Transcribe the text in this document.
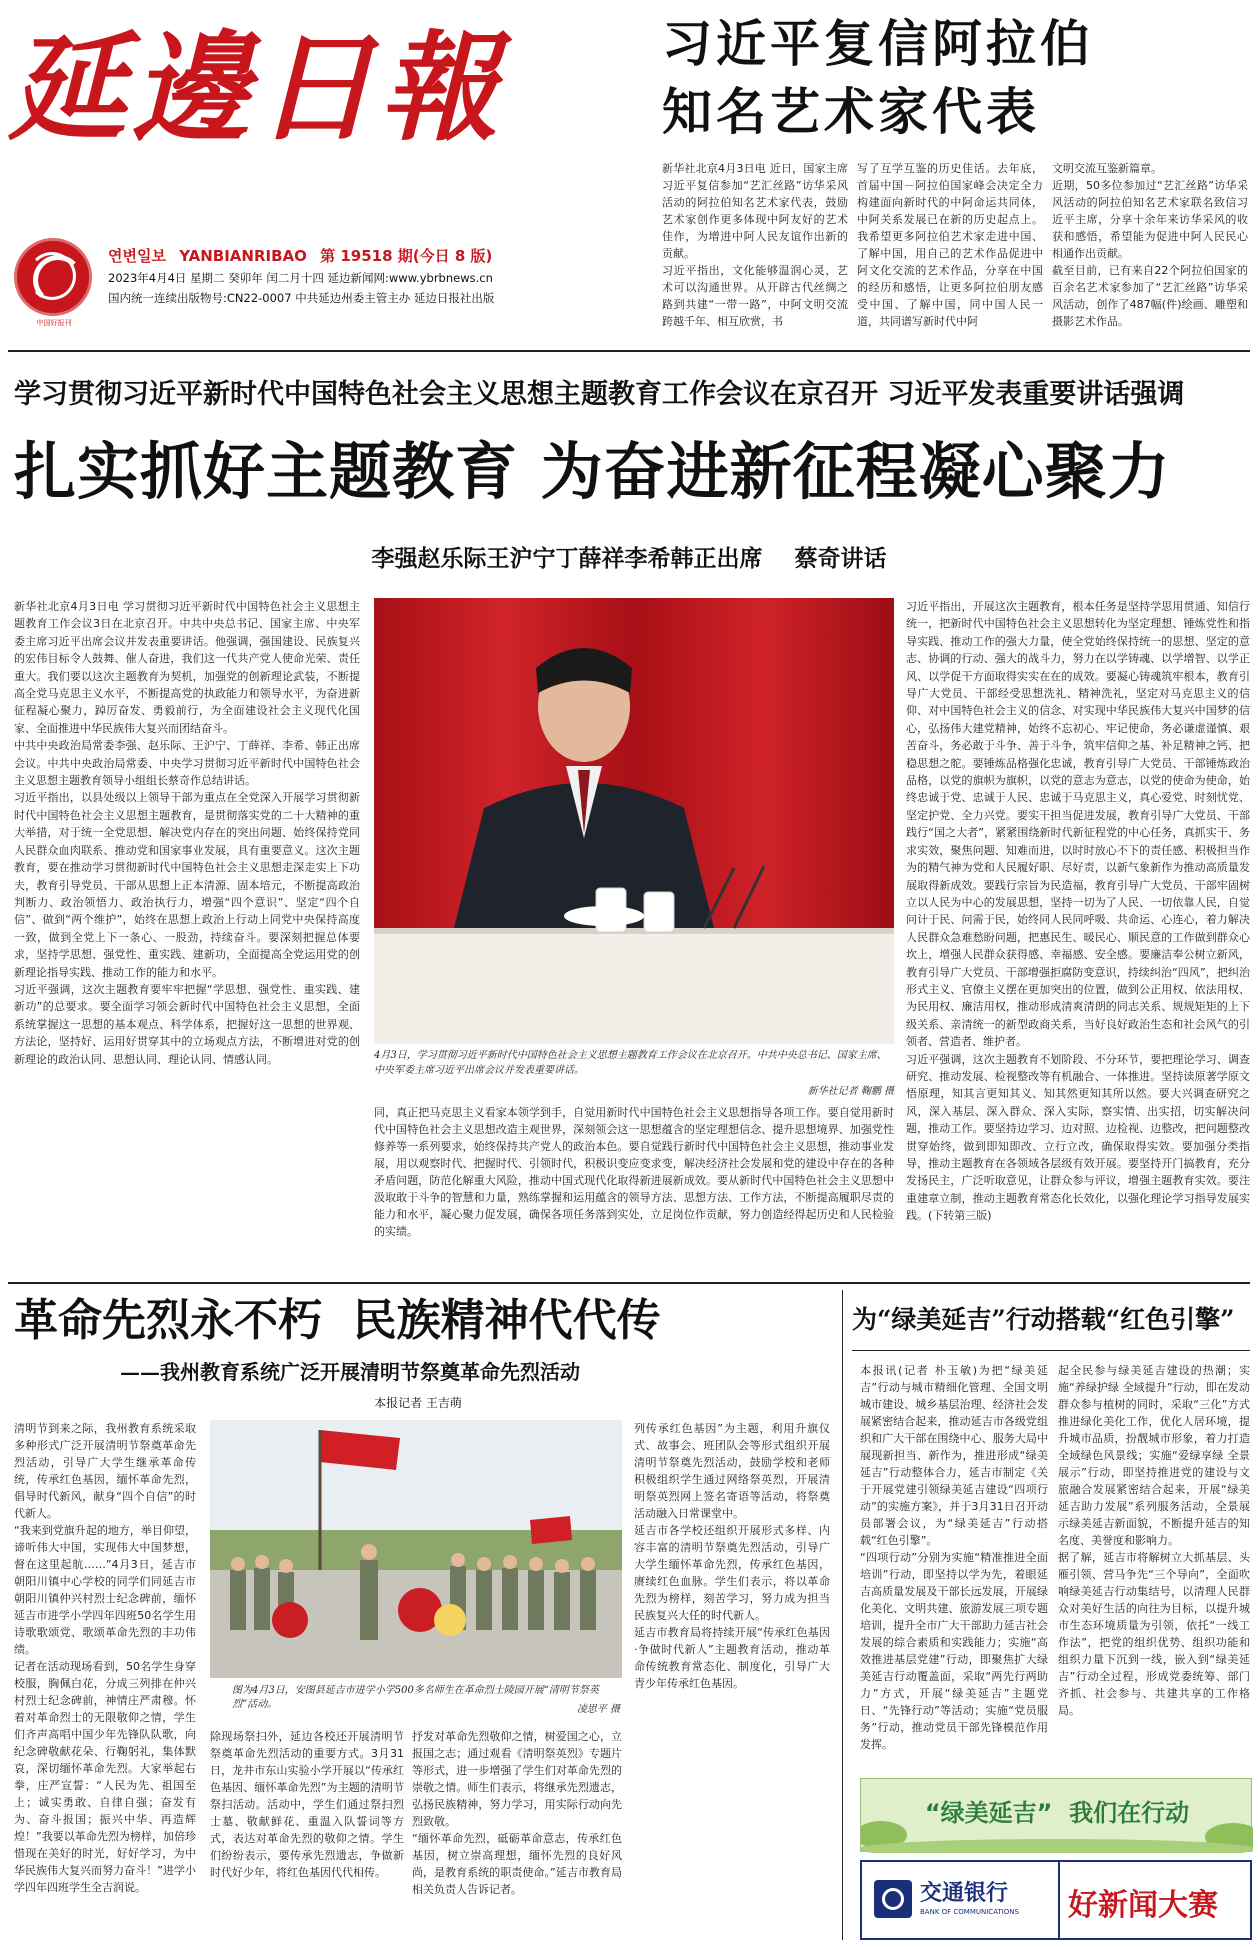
延邊日報
中国好报刊
연변일보 YANBIANRIBAO 第 19518 期(今日 8 版)
2023年4月4日 星期二 癸卯年 闰二月十四 延边新闻网:www.ybrbnews.cn
国内统一连续出版物号:CN22-0007 中共延边州委主管主办 延边日报社出版
习近平复信阿拉伯
知名艺术家代表
新华社北京4月3日电 近日，国家主席习近平复信参加“艺汇丝路”访华采风活动的阿拉伯知名艺术家代表，鼓励艺术家创作更多体现中阿友好的艺术佳作，为增进中阿人民友谊作出新的贡献。
习近平指出，文化能够温润心灵，艺术可以沟通世界。从开辟古代丝绸之路到共建“一带一路”，中阿文明交流跨越千年、相互欣赏，书
写了互学互鉴的历史佳话。去年底，首届中国－阿拉伯国家峰会决定全力构建面向新时代的中阿命运共同体，中阿关系发展已在新的历史起点上。我希望更多阿拉伯艺术家走进中国、了解中国，用自己的艺术作品促进中阿文化交流的艺术作品，分享在中国的经历和感悟，让更多阿拉伯朋友感受中国、了解中国，同中国人民一道，共同谱写新时代中阿
文明交流互鉴新篇章。
近期，50多位参加过“艺汇丝路”访华采风活动的阿拉伯知名艺术家联名致信习近平主席，分享十余年来访华采风的收获和感悟，希望能为促进中阿人民民心相通作出贡献。
截至目前，已有来自22个阿拉伯国家的百余名艺术家参加了“艺汇丝路”访华采风活动，创作了487幅(件)绘画、雕塑和摄影艺术作品。
学习贯彻习近平新时代中国特色社会主义思想主题教育工作会议在京召开 习近平发表重要讲话强调
扎实抓好主题教育 为奋进新征程凝心聚力
李强赵乐际王沪宁丁薛祥李希韩正出席    蔡奇讲话
新华社北京4月3日电 学习贯彻习近平新时代中国特色社会主义思想主题教育工作会议3日在北京召开。中共中央总书记、国家主席、中央军委主席习近平出席会议并发表重要讲话。他强调，强国建设、民族复兴的宏伟目标令人鼓舞、催人奋进，我们这一代共产党人使命光荣、责任重大。我们要以这次主题教育为契机，加强党的创新理论武装，不断提高全党马克思主义水平，不断提高党的执政能力和领导水平，为奋进新征程凝心聚力，踔厉奋发、勇毅前行，为全面建设社会主义现代化国家、全面推进中华民族伟大复兴而团结奋斗。
中共中央政治局常委李强、赵乐际、王沪宁、丁薛祥、李希、韩正出席会议。中共中央政治局常委、中央学习贯彻习近平新时代中国特色社会主义思想主题教育领导小组组长蔡奇作总结讲话。
习近平指出，以县处级以上领导干部为重点在全党深入开展学习贯彻新时代中国特色社会主义思想主题教育，是贯彻落实党的二十大精神的重大举措，对于统一全党思想、解决党内存在的突出问题、始终保持党同人民群众血肉联系、推动党和国家事业发展，具有重要意义。这次主题教育，要在推动学习贯彻新时代中国特色社会主义思想走深走实上下功夫，教育引导党员、干部从思想上正本清源、固本培元，不断提高政治判断力、政治领悟力、政治执行力，增强“四个意识”、坚定“四个自信”、做到“两个维护”，始终在思想上政治上行动上同党中央保持高度一致，做到全党上下一条心、一股劲，持续奋斗。要深刻把握总体要求，坚持学思想、强党性、重实践、建新功，全面提高全党运用党的创新理论指导实践、推动工作的能力和水平。
习近平强调，这次主题教育要牢牢把握“学思想、强党性、重实践、建新功”的总要求。要全面学习领会新时代中国特色社会主义思想，全面系统掌握这一思想的基本观点、科学体系，把握好这一思想的世界观、方法论，坚持好、运用好贯穿其中的立场观点方法，不断增进对党的创新理论的政治认同、思想认同、理论认同、情感认同。	4月3日，学习贯彻习近平新时代中国特色社会主义思想主题教育工作会议在北京召开。中共中央总书记、国家主席、中央军委主席习近平出席会议并发表重要讲话。
新华社记者 鞠鹏 摄
同，真正把马克思主义看家本领学到手，自觉用新时代中国特色社会主义思想指导各项工作。要自觉用新时代中国特色社会主义思想改造主观世界，深刻领会这一思想蕴含的坚定理想信念、提升思想境界、加强党性修养等一系列要求，始终保持共产党人的政治本色。要自觉践行新时代中国特色社会主义思想，推动事业发展，用以观察时代、把握时代、引领时代，积极识变应变求变，解决经济社会发展和党的建设中存在的各种矛盾问题，防范化解重大风险，推动中国式现代化取得新进展新成效。要从新时代中国特色社会主义思想中汲取敢于斗争的智慧和力量，熟练掌握和运用蕴含的领导方法、思想方法、工作方法，不断提高履职尽责的能力和水平，凝心聚力促发展，确保各项任务落到实处，立足岗位作贡献，努力创造经得起历史和人民检验的实绩。
习近平指出，开展这次主题教育，根本任务是坚持学思用贯通、知信行统一，把新时代中国特色社会主义思想转化为坚定理想、锤炼党性和指导实践、推动工作的强大力量，使全党始终保持统一的思想、坚定的意志、协调的行动、强大的战斗力，努力在以学铸魂、以学增智、以学正风、以学促干方面取得实实在在的成效。要凝心铸魂筑牢根本，教育引导广大党员、干部经受思想洗礼、精神洗礼，坚定对马克思主义的信仰、对中国特色社会主义的信念、对实现中华民族伟大复兴中国梦的信心，弘扬伟大建党精神，始终不忘初心、牢记使命，务必谦虚谨慎、艰苦奋斗，务必敢于斗争、善于斗争，筑牢信仰之基、补足精神之钙、把稳思想之舵。要锤炼品格强化忠诚，教育引导广大党员、干部锤炼政治品格，以党的旗帜为旗帜，以党的意志为意志，以党的使命为使命，始终忠诚于党、忠诚于人民、忠诚于马克思主义，真心爱党、时刻忧党、坚定护党、全力兴党。要实干担当促进发展，教育引导广大党员、干部践行“国之大者”，紧紧围绕新时代新征程党的中心任务，真抓实干、务求实效，聚焦问题、知难而进，以时时放心不下的责任感、积极担当作为的精气神为党和人民履好职、尽好责，以新气象新作为推动高质量发展取得新成效。要践行宗旨为民造福，教育引导广大党员、干部牢固树立以人民为中心的发展思想，坚持一切为了人民、一切依靠人民，自觉问计于民、问需于民，始终同人民同呼吸、共命运、心连心，着力解决人民群众急难愁盼问题，把惠民生、暖民心、顺民意的工作做到群众心坎上，增强人民群众获得感、幸福感、安全感。要廉洁奉公树立新风，教育引导广大党员、干部增强拒腐防变意识，持续纠治“四风”，把纠治形式主义、官僚主义摆在更加突出的位置，做到公正用权、依法用权、为民用权、廉洁用权，推动形成清爽清朗的同志关系、规规矩矩的上下级关系、亲清统一的新型政商关系，当好良好政治生态和社会风气的引领者、营造者、维护者。
习近平强调，这次主题教育不划阶段、不分环节，要把理论学习、调查研究、推动发展、检视整改等有机融合、一体推进。坚持读原著学原文悟原理，知其言更知其义、知其然更知其所以然。要大兴调查研究之风，深入基层、深入群众、深入实际，察实情、出实招，切实解决问题，推动工作。要坚持边学习、边对照、边检视、边整改，把问题整改贯穿始终，做到即知即改、立行立改，确保取得实效。要加强分类指导，推动主题教育在各领域各层级有效开展。要坚持开门搞教育，充分发扬民主，广泛听取意见，让群众参与评议，增强主题教育实效。要注重建章立制，推动主题教育常态化长效化，以强化理论学习指导发展实践。(下转第三版)
革命先烈永不朽  民族精神代代传
——我州教育系统广泛开展清明节祭奠革命先烈活动
本报记者 王吉萌
清明节到来之际，我州教育系统采取多种形式广泛开展清明节祭奠革命先烈活动，引导广大学生继承革命传统，传承红色基因，缅怀革命先烈，倡导时代新风，献身“四个自信”的时代新人。
“我来到党旗升起的地方，举目仰望，谛听伟大中国，实现伟大中国梦想，督在这里起航……”4月3日，延吉市朝阳川镇中心学校的同学们同延吉市朝阳川镇仲兴村烈士纪念碑前，缅怀延吉市进学小学四年四班50名学生用诗歌歌颂党、歌颂革命先烈的丰功伟绩。
记者在活动现场看到，50名学生身穿校服，胸佩白花，分成三列排在仲兴村烈士纪念碑前，神情庄严肃穆。怀着对革命烈士的无限敬仰之情，学生们齐声高唱中国少年先锋队队歌，向纪念碑敬献花朵、行鞠躬礼，集体默哀，深切缅怀革命先烈。大家举起右拳，庄严宣誓：“人民为先、祖国至上；诚实勇敢、自律自强；奋发有为、奋斗报国；振兴中华、再造辉煌！”我要以革命先烈为榜样，加倍珍惜现在美好的时光，好好学习，为中华民族伟大复兴而努力奋斗！”进学小学四年四班学生全吉润说。
图为4月3日，安图县延吉市进学小学500多名师生在革命烈士陵园开展“清明节祭英烈”活动。	凌思平 摄
除现场祭扫外，延边各校还开展清明节祭奠革命先烈活动的重要方式。3月31日，龙井市东山实验小学开展以“传承红色基因、缅怀革命先烈”为主题的清明节祭扫活动。活动中，学生们通过祭扫烈士墓、敬献鲜花、重温入队誓词等方式，表达对革命先烈的敬仰之情。学生们纷纷表示，要传承先烈遗志，争做新时代好少年，将红色基因代代相传。
抒发对革命先烈敬仰之情，树爱国之心，立报国之志；通过观看《清明祭英烈》专题片等形式，进一步增强了学生们对革命先烈的崇敬之情。师生们表示，将继承先烈遗志，弘扬民族精神，努力学习，用实际行动向先烈致敬。
“缅怀革命先烈，砥砺革命意志，传承红色基因，树立崇高理想，缅怀先烈的良好风尚，是教育系统的职责使命。”延吉市教育局相关负责人告诉记者。
列传承红色基因”为主题，利用升旗仪式、故事会、班团队会等形式组织开展清明节祭奠先烈活动，鼓励学校和老师积极组织学生通过网络祭英烈，开展清明祭英烈网上签名寄语等活动，将祭奠活动融入日常课堂中。
延吉市各学校还组织开展形式多样、内容丰富的清明节祭奠先烈活动，引导广大学生缅怀革命先烈，传承红色基因，赓续红色血脉。学生们表示，将以革命先烈为榜样，刻苦学习，努力成为担当民族复兴大任的时代新人。
延吉市教育局将持续开展“传承红色基因·争做时代新人”主题教育活动，推动革命传统教育常态化、制度化，引导广大青少年传承红色基因。
为“绿美延吉”行动搭载“红色引擎”
本报讯(记者 朴玉敏)为把“绿美延吉”行动与城市精细化管理、全国文明城市建设、城乡基层治理、经济社会发展紧密结合起来，推动延吉市各级党组织和广大干部在围绕中心、服务大局中展现新担当、新作为，推进形成“绿美延吉”行动整体合力，延吉市制定《关于开展党建引领绿美延吉建设“四项行动”的实施方案》，并于3月31日召开动员部署会议，为“绿美延吉”行动搭载“红色引擎”。
“四项行动”分别为实施“精准推进全面培训”行动，即坚持以学为先，着眼延吉高质量发展及干部长远发展，开展绿化美化、文明共建、旅游发展三项专题培训，提升全市广大干部助力延吉社会发展的综合素质和实践能力；实施“高效推进基层党建”行动，即聚焦扩大绿美延吉行动覆盖面，采取“两先行两助力”方式，开展“绿美延吉”主题党日、“先锋行动”等活动；实施“党员服务”行动，推动党员干部先锋模范作用发挥。
起全民参与绿美延吉建设的热潮；实施“养绿护绿 全域提升”行动，即在发动群众参与植树的同时，采取“三化”方式推进绿化美化工作，优化人居环境，提升城市品质，扮靓城市形象，着力打造全域绿色风景线；实施“爱绿享绿 全景展示”行动，即坚持推进党的建设与文旅融合发展紧密结合起来，开展“绿美延吉助力发展”系列服务活动，全景展示绿美延吉新面貌，不断提升延吉的知名度、美誉度和影响力。
据了解，延吉市将解树立大抓基层、头雁引领、营马争先“三个导向”，全面吹响绿美延吉行动集结号，以清理人民群众对美好生活的向往为目标，以提升城市生态环境质量为引领，依托“一线工作法”，把党的组织优势、组织功能和组织力量下沉到一线，嵌入到“绿美延吉”行动全过程，形成党委统筹、部门齐抓、社会参与、共建共享的工作格局。
“绿美延吉”  我们在行动
交通银行
BANK OF COMMUNICATIONS 好新闻大赛
